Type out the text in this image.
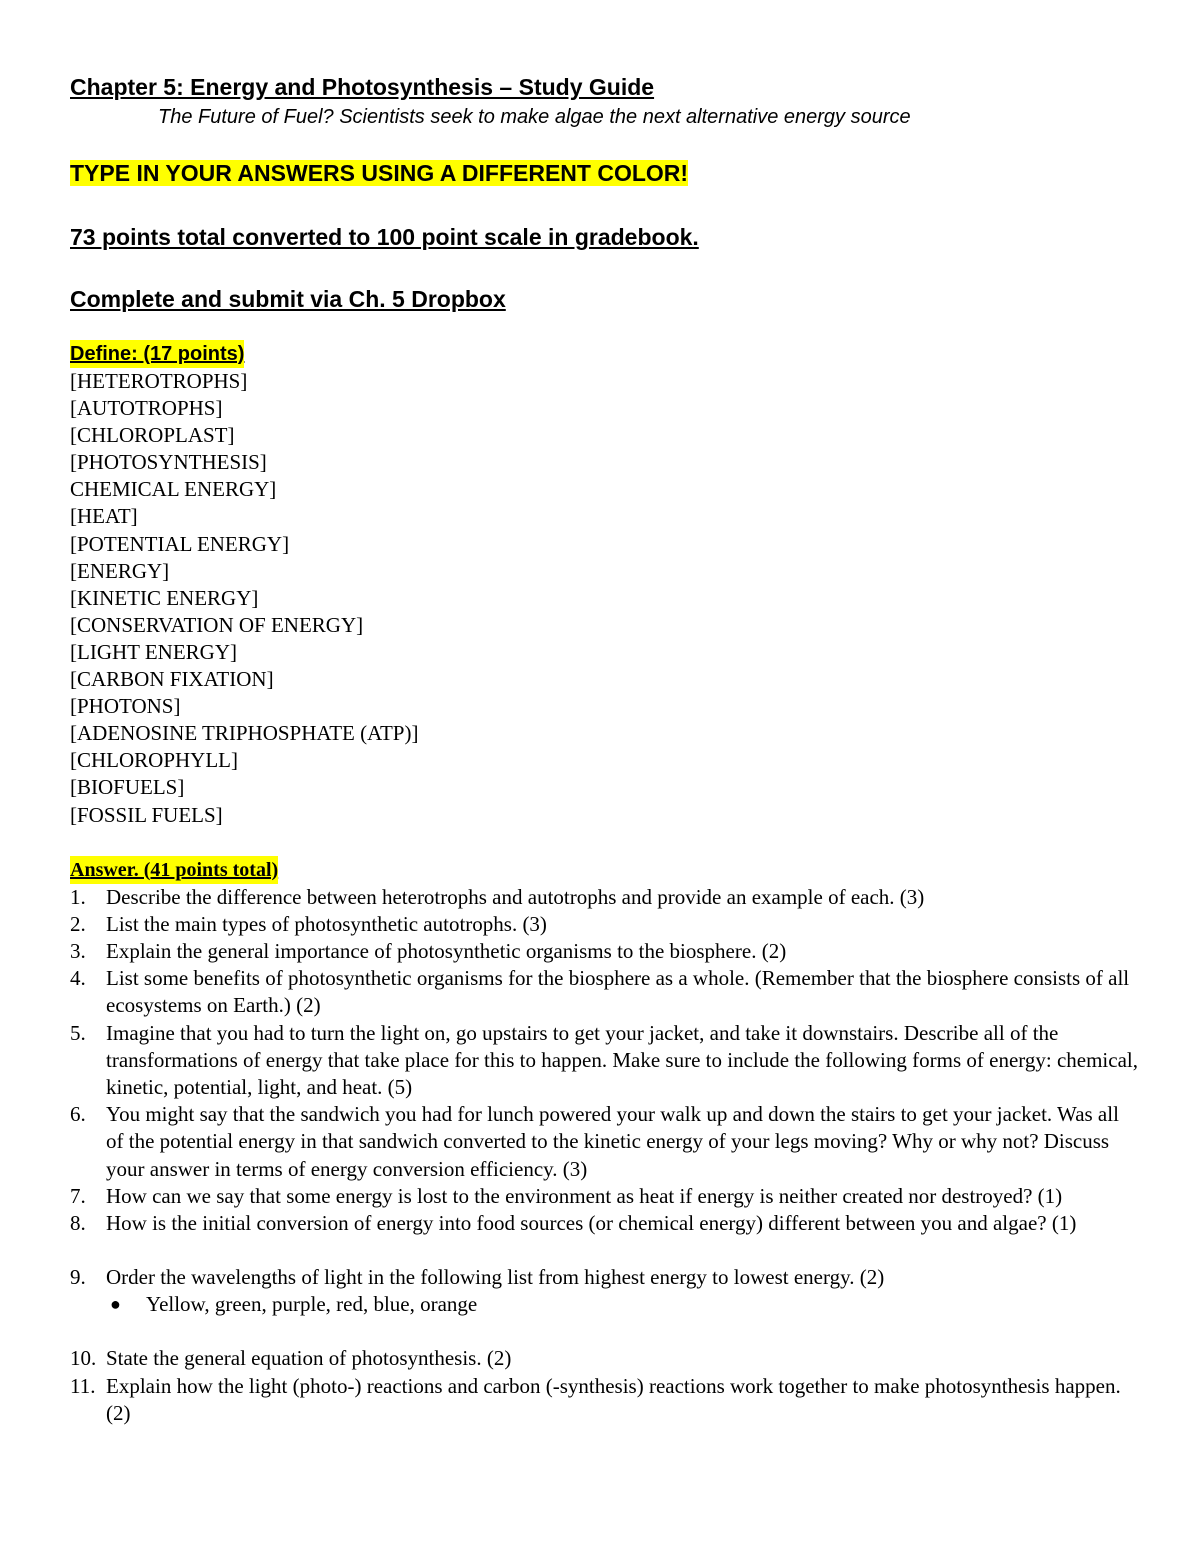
Chapter 5: Energy and Photosynthesis – Study Guide

The Future of Fuel? Scientists seek to make algae the next alternative energy source

TYPE IN YOUR ANSWERS USING A DIFFERENT COLOR!

73 points total converted to 100 point scale in gradebook.

Complete and submit via Ch. 5 Dropbox

Define: (17 points)
[HETEROTROPHS]
[AUTOTROPHS]
[CHLOROPLAST]
[PHOTOSYNTHESIS]
CHEMICAL ENERGY]
[HEAT]
[POTENTIAL ENERGY]
[ENERGY]
[KINETIC ENERGY]
[CONSERVATION OF ENERGY]
[LIGHT ENERGY]
[CARBON FIXATION]
[PHOTONS]
[ADENOSINE TRIPHOSPHATE (ATP)]
[CHLOROPHYLL]
[BIOFUELS]
[FOSSIL FUELS]
Answer. (41 points total)
1. Describe the difference between heterotrophs and autotrophs and provide an example of each. (3)
2. List the main types of photosynthetic autotrophs. (3)
3. Explain the general importance of photosynthetic organisms to the biosphere. (2)
4. List some benefits of photosynthetic organisms for the biosphere as a whole. (Remember that the biosphere consists of all ecosystems on Earth.) (2)
5. Imagine that you had to turn the light on, go upstairs to get your jacket, and take it downstairs. Describe all of the transformations of energy that take place for this to happen. Make sure to include the following forms of energy: chemical, kinetic, potential, light, and heat. (5)
6. You might say that the sandwich you had for lunch powered your walk up and down the stairs to get your jacket. Was all of the potential energy in that sandwich converted to the kinetic energy of your legs moving? Why or why not? Discuss your answer in terms of energy conversion efficiency. (3)
7. How can we say that some energy is lost to the environment as heat if energy is neither created nor destroyed? (1)
8. How is the initial conversion of energy into food sources (or chemical energy) different between you and algae? (1)
9. Order the wavelengths of light in the following list from highest energy to lowest energy. (2)
●	Yellow, green, purple, red, blue, orange
10. State the general equation of photosynthesis. (2)
11. Explain how the light (photo-) reactions and carbon (-synthesis) reactions work together to make photosynthesis happen. (2)
